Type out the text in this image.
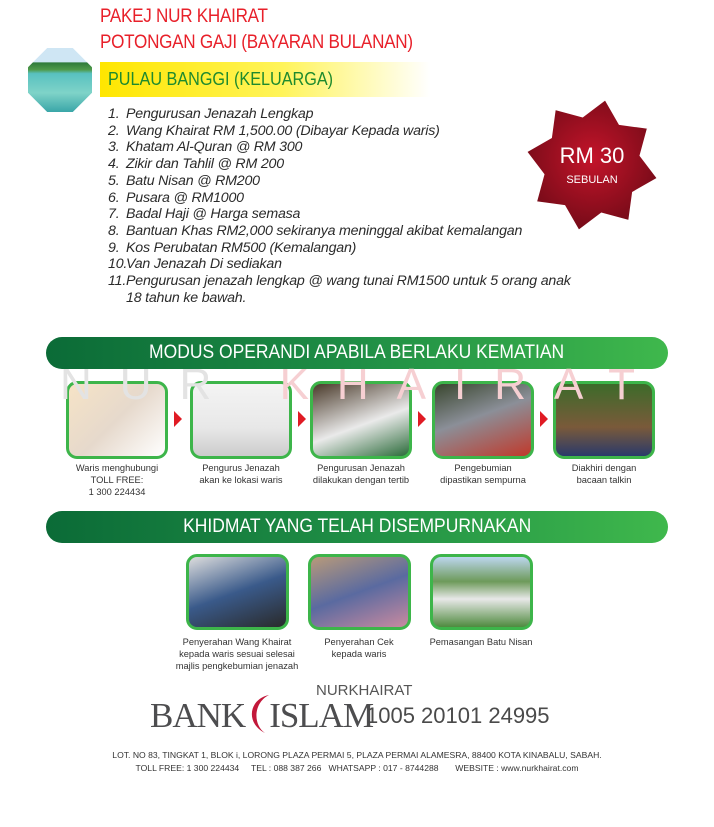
PAKEJ NUR KHAIRAT
POTONGAN GAJI (BAYARAN BULANAN)
PULAU BANGGI (KELUARGA)
1. Pengurusan Jenazah Lengkap
2. Wang Khairat RM 1,500.00 (Dibayar Kepada waris)
3. Khatam Al-Quran @ RM 300
4. Zikir dan Tahlil @ RM 200
5. Batu Nisan @ RM200
6. Pusara @ RM1000
7. Badal Haji @ Harga semasa
8. Bantuan Khas RM2,000 sekiranya meninggal akibat kemalangan
9. Kos Perubatan RM500 (Kemalangan)
10.
Van Jenazah Di sediakan
11. Pengurusan jenazah lengkap @ wang tunai RM1500 untuk 5 orang anak
18 tahun ke bawah.
RM 30
SEBULAN
MODUS OPERANDI APABILA BERLAKU KEMATIAN
NUR KHAIRAT
Waris menghubungi
TOLL FREE:
1 300 224434
Pengurus Jenazah
akan ke lokasi waris
Pengurusan Jenazah
dilakukan dengan tertib
Pengebumian
dipastikan sempurna
Diakhiri dengan
bacaan talkin
KHIDMAT YANG TELAH DISEMPURNAKAN
Penyerahan Wang Khairat
kepada waris sesuai selesai
majlis pengkebumian jenazah
Penyerahan Cek
kepada waris
Pemasangan Batu Nisan
NURKHAIRAT
BANK ISLAM
1005 20101 24995
LOT. NO 83, TINGKAT 1, BLOK i, LORONG PLAZA PERMAI 5, PLAZA PERMAI ALAMESRA, 88400 KOTA KINABALU, SABAH.
TOLL FREE: 1 300 224434     TEL : 088 387 266   WHATSAPP : 017 - 8744288       WEBSITE : www.nurkhairat.com
